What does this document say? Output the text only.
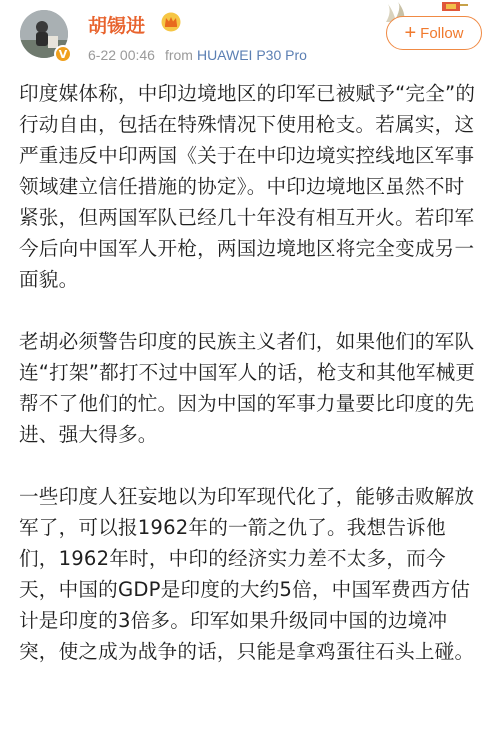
V
胡锡进
6-22 00:46 from HUAWEI P30 Pro
+ Follow

印度媒体称，中印边境地区的印军已被赋予“完全”的行动自由，包括在特殊情况下使用枪支。若属实，这严重违反中印两国《关于在中印边境实控线地区军事领域建立信任措施的协定》。中印边境地区虽然不时紧张，但两国军队已经几十年没有相互开火。若印军今后向中国军人开枪，两国边境地区将完全变成另一面貌。

老胡必须警告印度的民族主义者们，如果他们的军队连“打架”都打不过中国军人的话，枪支和其他军械更帮不了他们的忙。因为中国的军事力量要比印度的先进、强大得多。

一些印度人狂妄地以为印军现代化了，能够击败解放军了，可以报1962年的一箭之仇了。我想告诉他们，1962年时，中印的经济实力差不太多，而今天，中国的GDP是印度的大约5倍，中国军费西方估计是印度的3倍多。印军如果升级同中国的边境冲突，使之成为战争的话，只能是拿鸡蛋往石头上碰。
